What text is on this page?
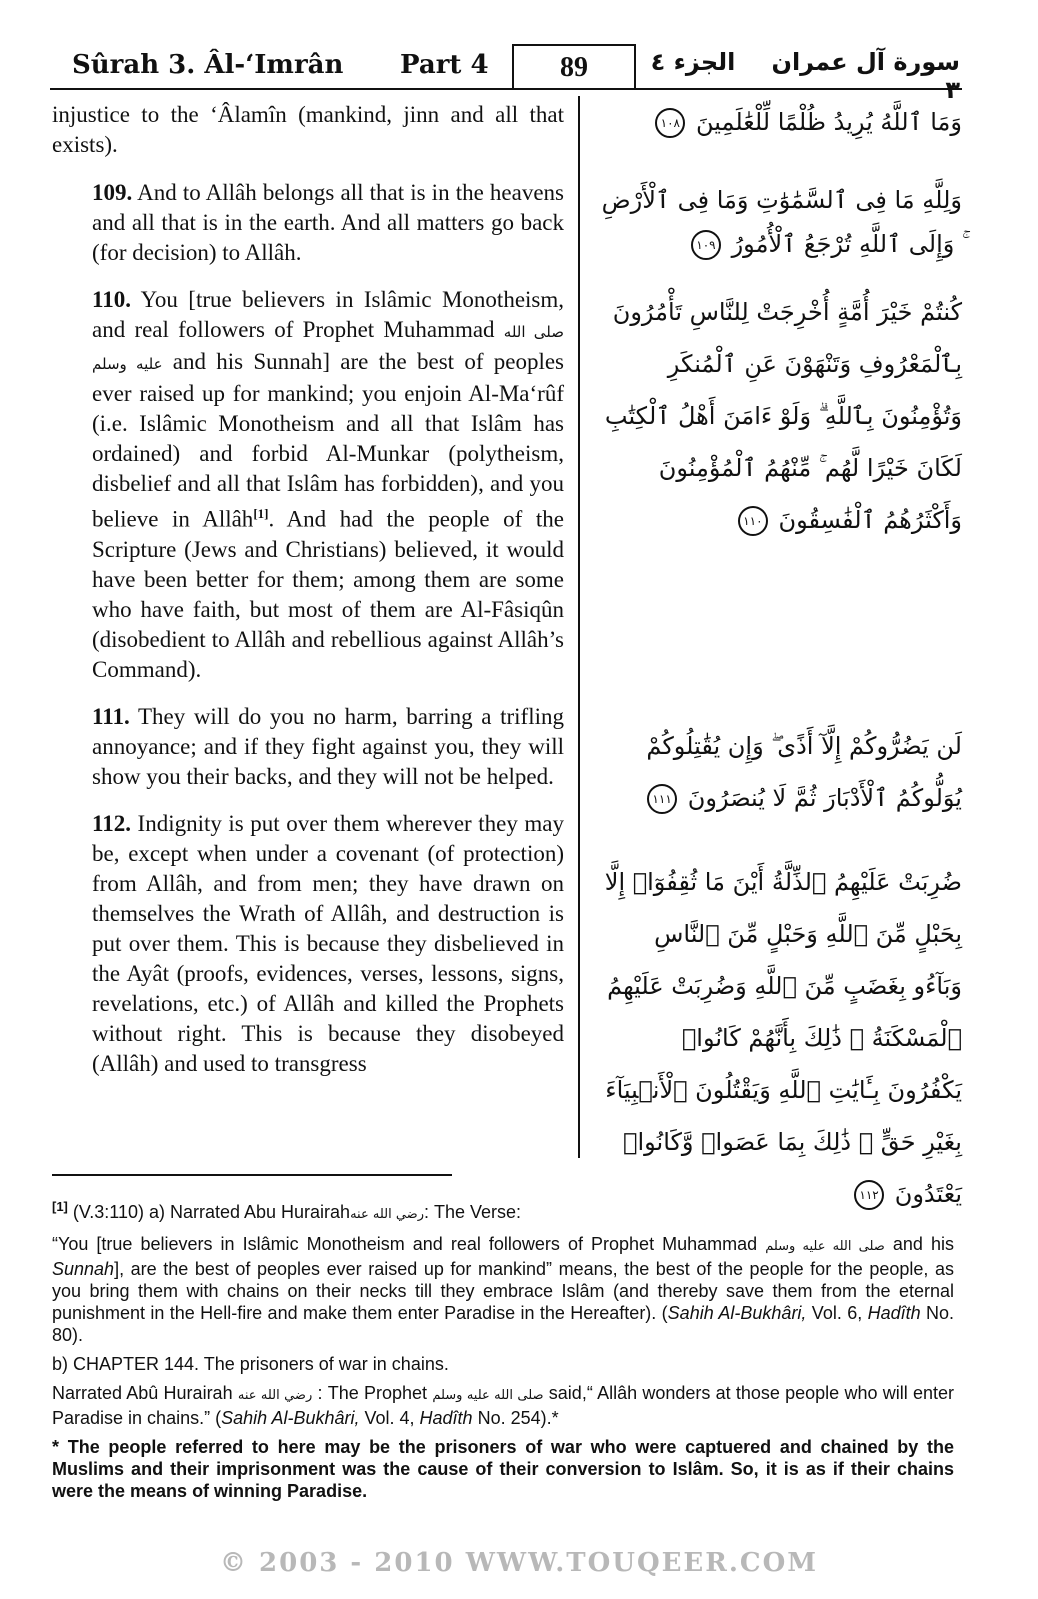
Sûrah 3. Âl-‘Imrân Part 4	89	الجزء ٤	سورة آل عمران ٣

injustice to the ‘Âlamîn (mankind, jinn and all that exists).

109. And to Allâh belongs all that is in the heavens and all that is in the earth. And all matters go back (for decision) to Allâh.

110. You [true believers in Islâmic Monotheism, and real followers of Prophet Muhammad صلى الله عليه وسلم and his Sunnah] are the best of peoples ever raised up for mankind; you enjoin Al-Ma‘rûf (i.e. Islâmic Monotheism and all that Islâm has ordained) and forbid Al-Munkar (polytheism, disbelief and all that Islâm has forbidden), and you believe in Allâh[1]. And had the people of the Scripture (Jews and Christians) believed, it would have been better for them; among them are some who have faith, but most of them are Al-Fâsiqûn (disobedient to Allâh and rebellious against Allâh’s Command).

111. They will do you no harm, barring a trifling annoyance; and if they fight against you, they will show you their backs, and they will not be helped.

112. Indignity is put over them wherever they may be, except when under a covenant (of protection) from Allâh, and from men; they have drawn on themselves the Wrath of Allâh, and destruction is put over them. This is because they disbelieved in the Ayât (proofs, evidences, verses, lessons, signs, revelations, etc.) of Allâh and killed the Prophets without right. This is because they disobeyed (Allâh) and used to transgress

وَمَا ٱللَّهُ يُرِيدُ ظُلْمًا لِّلْعَٰلَمِينَ ١٠٨
وَلِلَّهِ مَا فِى ٱلسَّمَٰوَٰتِ وَمَا فِى ٱلْأَرْضِ ۚ وَإِلَى ٱللَّهِ تُرْجَعُ ٱلْأُمُورُ ١٠٩
كُنتُمْ خَيْرَ أُمَّةٍ أُخْرِجَتْ لِلنَّاسِ تَأْمُرُونَ بِٱلْمَعْرُوفِ وَتَنْهَوْنَ عَنِ ٱلْمُنكَرِ وَتُؤْمِنُونَ بِٱللَّهِ ۗ وَلَوْ ءَامَنَ أَهْلُ ٱلْكِتَٰبِ لَكَانَ خَيْرًا لَّهُم ۚ مِّنْهُمُ ٱلْمُؤْمِنُونَ وَأَكْثَرُهُمُ ٱلْفَٰسِقُونَ ١١٠
لَن يَضُرُّوكُمْ إِلَّآ أَذًى ۖ وَإِن يُقَٰتِلُوكُمْ يُوَلُّوكُمُ ٱلْأَدْبَارَ ثُمَّ لَا يُنصَرُونَ ١١١
ضُرِبَتْ عَلَيْهِمُ ٱلذِّلَّةُ أَيْنَ مَا ثُقِفُوٓا۟ إِلَّا بِحَبْلٍ مِّنَ ٱللَّهِ وَحَبْلٍ مِّنَ ٱلنَّاسِ وَبَآءُو بِغَضَبٍ مِّنَ ٱللَّهِ وَضُرِبَتْ عَلَيْهِمُ ٱلْمَسْكَنَةُ ۚ ذَٰلِكَ بِأَنَّهُمْ كَانُوا۟ يَكْفُرُونَ بِـَٔايَٰتِ ٱللَّهِ وَيَقْتُلُونَ ٱلْأَنۢبِيَآءَ بِغَيْرِ حَقٍّ ۚ ذَٰلِكَ بِمَا عَصَوا۟ وَّكَانُوا۟ يَعْتَدُونَ ١١٢

[1] (V.3:110) a) Narrated Abu Hurairahرضي الله عنه: The Verse:

“You [true believers in Islâmic Monotheism and real followers of Prophet Muhammad صلى الله عليه وسلم and his Sunnah], are the best of peoples ever raised up for mankind” means, the best of the people for the people, as you bring them with chains on their necks till they embrace Islâm (and thereby save them from the eternal punishment in the Hell-fire and make them enter Paradise in the Hereafter). (Sahih Al-Bukhâri, Vol. 6, Hadîth No. 80).

b) CHAPTER 144. The prisoners of war in chains.

Narrated Abû Hurairah رضي الله عنه : The Prophet صلى الله عليه وسلم said,“ Allâh wonders at those people who will enter Paradise in chains.” (Sahih Al-Bukhâri, Vol. 4, Hadîth No. 254).*

* The people referred to here may be the prisoners of war who were captuered and chained by the Muslims and their imprisonment was the cause of their conversion to Islâm. So, it is as if their chains were the means of winning Paradise.

© 2003 - 2010 WWW.TOUQEER.COM
